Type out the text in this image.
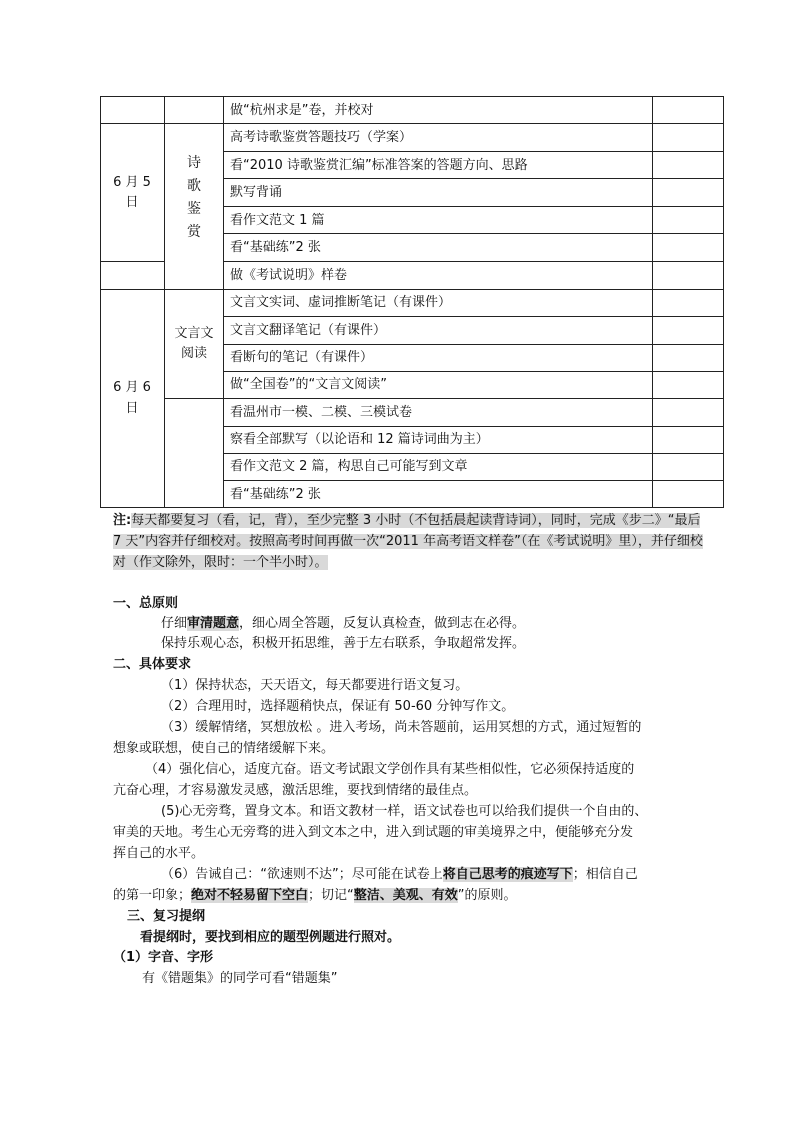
做“杭州求是”卷，并校对
6 月 5
日
诗
歌
鉴
赏
高考诗歌鉴赏答题技巧（学案）
看“2010 诗歌鉴赏汇编”标准答案的答题方向、思路
默写背诵
看作文范文 1 篇
看“基础练”2 张
做《考试说明》样卷
6 月 6
日
文言文
阅读
文言文实词、虚词推断笔记（有课件）
文言文翻译笔记（有课件）
看断句的笔记（有课件）
做“全国卷”的“文言文阅读”
看温州市一模、二模、三模试卷
察看全部默写（以论语和 12 篇诗词曲为主）
看作文范文 2 篇，构思自己可能写到文章
看“基础练”2 张
注:每天都要复习（看，记，背），至少完整 3 小时（不包括晨起读背诗词），同时，完成《步二》“最后 7 天”内容并仔细校对。按照高考时间再做一次“2011 年高考语文样卷”（在《考试说明》里），并仔细校对（作文除外，限时：一个半小时）。
一、总原则
仔细审清题意，细心周全答题，反复认真检查，做到志在必得。
保持乐观心态，积极开拓思维，善于左右联系，争取超常发挥。
二、具体要求
（1）保持状态，天天语文，每天都要进行语文复习。
（2）合理用时，选择题稍快点，保证有 50-60 分钟写作文。
（3）缓解情绪，冥想放松 。进入考场，尚未答题前，运用冥想的方式，通过短暂的
想象或联想，使自己的情绪缓解下来。
（4）强化信心，适度亢奋。语文考试跟文学创作具有某些相似性，它必须保持适度的
亢奋心理，才容易激发灵感，激活思维，要找到情绪的最佳点。
(5)心无旁骛，置身文本。和语文教材一样，语文试卷也可以给我们提供一个自由的、
审美的天地。考生心无旁骛的进入到文本之中，进入到试题的审美境界之中，便能够充分发
挥自己的水平。
（6）告诫自己：“欲速则不达”；尽可能在试卷上将自己思考的痕迹写下；相信自己
的第一印象；绝对不轻易留下空白；切记“整洁、美观、有效”的原则。
三、复习提纲
看提纲时，要找到相应的题型例题进行照对。
（1）字音、字形
有《错题集》的同学可看“错题集”
